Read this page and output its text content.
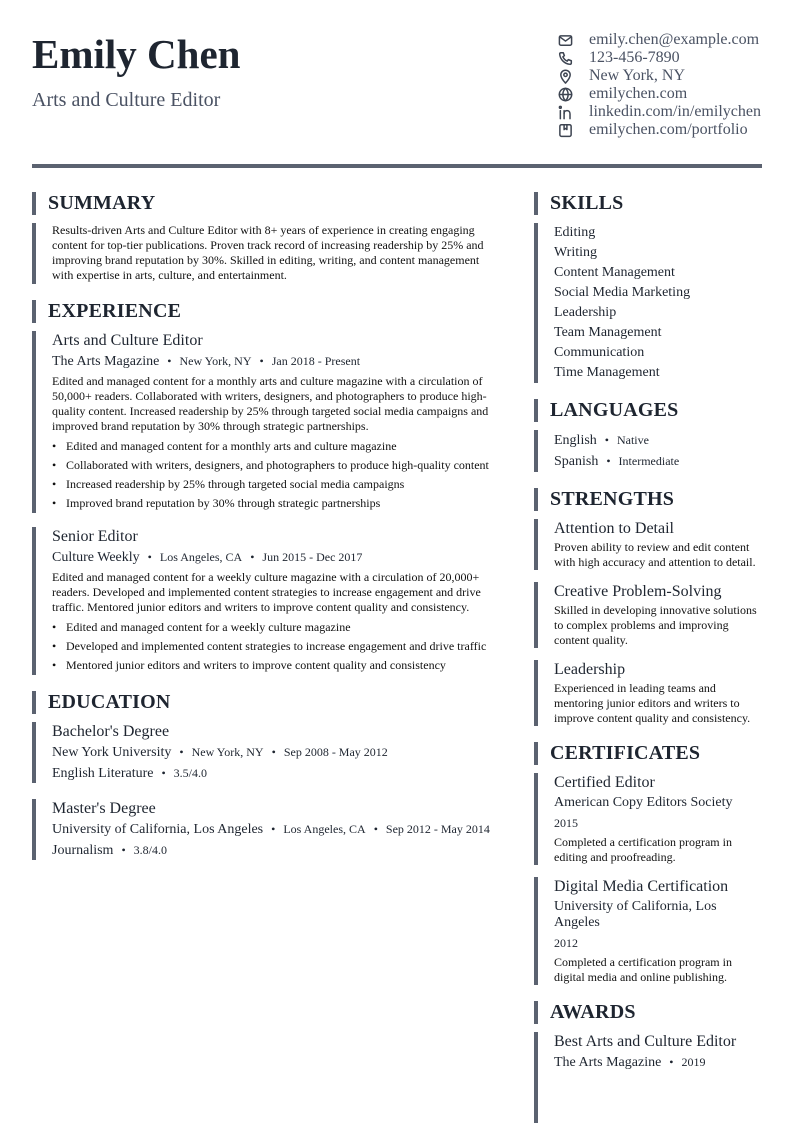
Emily Chen
Arts and Culture Editor
emily.chen@example.com
123-456-7890
New York, NY
emilychen.com
linkedin.com/in/emilychen
emilychen.com/portfolio
SUMMARY
Results-driven Arts and Culture Editor with 8+ years of experience in creating engaging content for top-tier publications. Proven track record of increasing readership by 25% and improving brand reputation by 30%. Skilled in editing, writing, and content management with expertise in arts, culture, and entertainment.
EXPERIENCE
Arts and Culture Editor
The Arts Magazine • New York, NY • Jan 2018 - Present
Edited and managed content for a monthly arts and culture magazine with a circulation of 50,000+ readers. Collaborated with writers, designers, and photographers to produce high-quality content. Increased readership by 25% through targeted social media campaigns and improved brand reputation by 30% through strategic partnerships.
• Edited and managed content for a monthly arts and culture magazine
• Collaborated with writers, designers, and photographers to produce high-quality content
• Increased readership by 25% through targeted social media campaigns
• Improved brand reputation by 30% through strategic partnerships
Senior Editor
Culture Weekly • Los Angeles, CA • Jun 2015 - Dec 2017
Edited and managed content for a weekly culture magazine with a circulation of 20,000+ readers. Developed and implemented content strategies to increase engagement and drive traffic. Mentored junior editors and writers to improve content quality and consistency.
• Edited and managed content for a weekly culture magazine
• Developed and implemented content strategies to increase engagement and drive traffic
• Mentored junior editors and writers to improve content quality and consistency
EDUCATION
Bachelor's Degree
New York University • New York, NY • Sep 2008 - May 2012
English Literature • 3.5/4.0
Master's Degree
University of California, Los Angeles • Los Angeles, CA • Sep 2012 - May 2014
Journalism • 3.8/4.0
SKILLS
Editing
Writing
Content Management
Social Media Marketing
Leadership
Team Management
Communication
Time Management
LANGUAGES
English • Native
Spanish • Intermediate
STRENGTHS
Attention to Detail
Proven ability to review and edit content with high accuracy and attention to detail.
Creative Problem-Solving
Skilled in developing innovative solutions to complex problems and improving content quality.
Leadership
Experienced in leading teams and mentoring junior editors and writers to improve content quality and consistency.
CERTIFICATES
Certified Editor
American Copy Editors Society
2015
Completed a certification program in editing and proofreading.
Digital Media Certification
University of California, Los Angeles
2012
Completed a certification program in digital media and online publishing.
AWARDS
Best Arts and Culture Editor
The Arts Magazine • 2019
